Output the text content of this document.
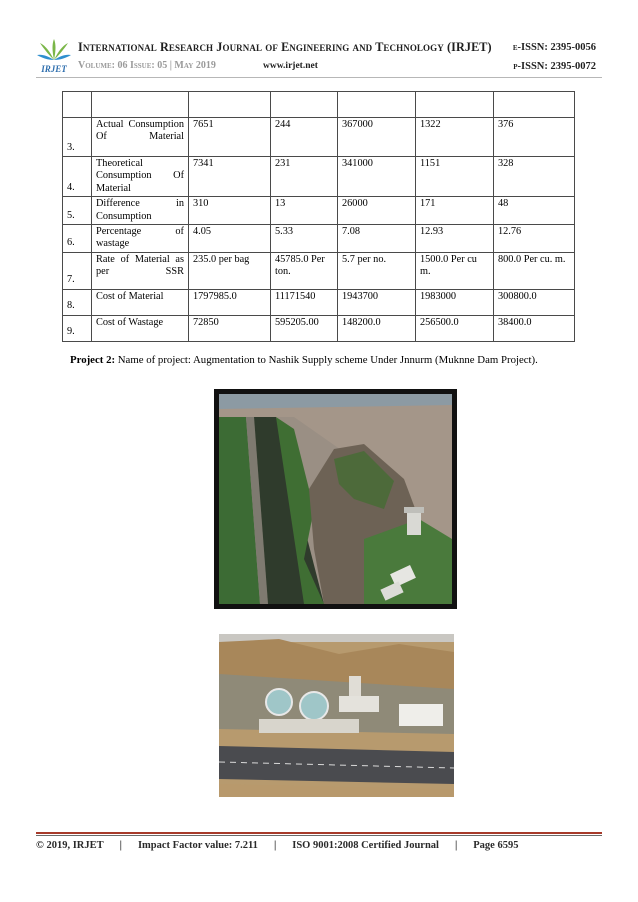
IRJET
International Research Journal of Engineering and Technology (IRJET)
Volume: 06 Issue: 05 | May 2019	www.irjet.net
e-ISSN: 2395-0056
p-ISSN: 2395-0072

3.	Actual Consumption Of Material	7651	244	367000	1322	376
4.	Theoretical Consumption Of Material	7341	231	341000	1151	328
5.	Difference in Consumption	310	13	26000	171	48
6.	Percentage of wastage	4.05	5.33	7.08	12.93	12.76
7.	Rate of Material as per SSR	235.0 per bag	45785.0 Per ton.	5.7 per no.	1500.0 Per cu m.	800.0 Per cu. m.
8.	Cost of Material	1797985.0	11171540	1943700	1983000	300800.0
9.	Cost of Wastage	72850	595205.00	148200.0	256500.0	38400.0
Project 2: Name of project: Augmentation to Nashik Supply scheme Under Jnnurm (Muknne Dam Project).
© 2019, IRJET | Impact Factor value: 7.211 | ISO 9001:2008 Certified Journal | Page 6595
